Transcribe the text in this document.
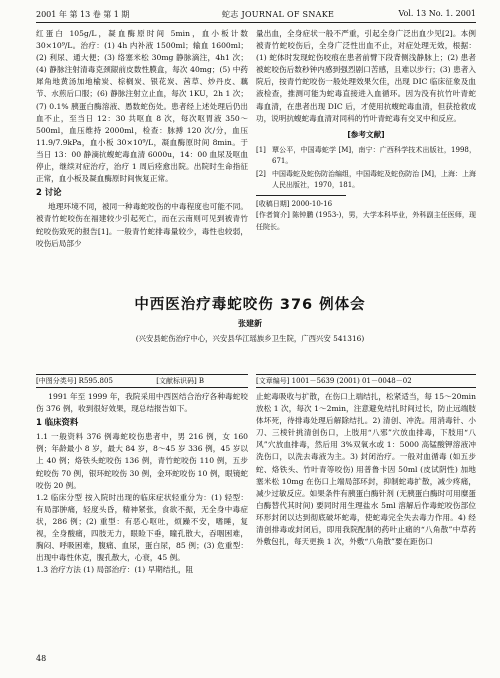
2001 年 第 13 卷 第 1 期	蛇志 JOURNAL OF SNAKE	Vol. 13 No. 1. 2001

红蛋白 105g/L，凝血酶原时间 5min，血小板计数 30×10⁹/L。治疗：(1) 4h 内补液 1500ml；输血 1600ml；(2) 利尿、通大便；(3) 络塞米松 30mg 静脉滴注，4h1 次；(4) 静脉注射清毒克颈龈前皮数性膜盒，每次 40mg；(5) 中药犀角地黄汤加地榆炭、棕榈炭、银花炭、茜草、炒丹皮、藕节、水煎后口服；(6) 静脉注射立止血，每次 1KU，2h 1 次；(7) 0.1% 胰蛋白酶溶液、愚数蛇伤处。患者经上述处理后仍出血不止，至当日 12：30 共呕血 8 次，每次呕胃液 350～500ml，血压维持 2000ml，检查：脉搏 120 次/分，血压 11.9/7.9kPa，血小板 30×10⁹/L，凝血酶原时间 8min。于当日 13：00 静滴抗蝮蛇毒血清 6000u，14：00 血尿及呕血停止，继续对症治疗，治疗 1 周后痊愈出院。出院时生命指征正常，血小板及凝血酶原时间恢复正常。

2 讨论

地理环境不同，被同一种毒蛇咬伤的中毒程度也可能不同。被青竹蛇咬伤在福建较少引起死亡，而在云南则可见到被青竹蛇咬伤致死的报告[1]。一般青竹蛇排毒量较少，毒性也较弱，咬伤后局部少

量出血，全身症状一般不严重，引起全身广泛出血少见[2]。本例被青竹蛇咬伤后，全身广泛性出血不止，对症处理无效，根据：(1) 蛇体时发现蛇伤咬痕在患者前臂下段背侧浅静脉上；(2) 患者被蛇咬伤后数秒钟内感到强烈剧口苦感，且难以步行；(3) 患者入院后，按青竹蛇咬伤一般处理效果欠佳，出现 DIC 临床征象及血液检查，推测可能为蛇毒直接进入血循环。因为没有抗竹叶青蛇毒血清，在患者出现 DIC 后，才使用抗蝮蛇毒血清，但获抢救成功，说明抗蝮蛇毒血清对同科的竹叶青蛇毒有交叉中和反应。

[参考文献]
[1] 覃公平，中国毒蛇学 [M]，南宁：广西科学技术出版社，1998，671。
[2] 中国毒蛇及蛇伤防治编组，中国毒蛇及蛇伤防治 [M]，上海：上海人民出版社，1970，181。
[收稿日期] 2000-10-16
[作者简介] 陈钟鹏 (1953-)，男，大学本科毕业，外科副主任医师，现任院长。
中西医治疗毒蛇咬伤 376 例体会
张建新
(兴安县蛇伤治疗中心，兴安县华江瑶族乡卫生院，广西兴安 541316)
[中图分类号] R595.805	[文献标识码] B	[文章编号] 1001－5639 (2001) 01－0048－02

1991 年至 1999 年，我院采用中西医结合治疗各种毒蛇咬伤 376 例，收到很好效果，现总结报告如下。

1 临床资料

1.1 一般资料 376 例毒蛇咬伤患者中，男 216 例，女 160 例；年龄最小 8 岁，最大 84 岁，8～45 岁 336 例，45 岁以上 40 例；烙铁头蛇咬伤 136 例，青竹蛇咬伤 110 例，五步蛇咬伤 70 例，银环蛇咬伤 30 例，金环蛇咬伤 10 例，眼镜蛇咬伤 20 例。

1.2 临床分型 按入院时出现的临床症状轻重分为：(1) 轻型：有局部肿痛，轻度头昏，精神紧张，食欲不振，无全身中毒症状，286 例；(2) 重型：有恶心呕吐，烦躁不安，嗜睡，复视，全身酸痛，四肢无力，眼睑下垂，瞳孔散大，吞咽困难，胸闷、呼吸困难，腹痛、血尿，蛋白尿，85 例；(3) 危重型：出现中毒性休克，腹孔散大，心衰，45 例。

1.3 治疗方法 (1) 局部治疗：(1) 早期结扎，阻

止蛇毒吸收与扩散，在伤口上端结扎，松紧适当，每 15～20min 放松 1 次，每次 1～2min，注意避免结扎时间过长，防止远端肢体坏死，待排毒处理后解除结扎。2) 清创、冲洗。用消毒针、小刀、三棱针挑清创伤口，上肢用“八邪”穴放血排毒，下肢用“八风”穴放血排毒，然后用 3%双氧水或 1：5000 高锰酸钾溶液冲洗伤口，以洗去毒液为主。3) 封闭治疗。一般对血循毒 (如五步蛇、烙铁头、竹叶青等咬伤) 用普鲁卡因 50ml (皮试阴性) 加地塞米松 10mg 在伤口上端局部环封，抑制蛇毒扩散，减少疼痛，减少过敏反应。如果条件有胰蛋白酶针剂 (无胰蛋白酶时可用糜蛋白酶替代其时间) 要同时用生理盐水 5ml 溶解后作毒蛇咬伤部位环形封闭以达到彻底破坏蛇毒，使蛇毒完全失去毒力作用。4) 经清创排毒或封闭后，即用我院配制的药叶止痛的“八角散”中草药外敷包扎，每天更换 1 次，外敷“八角散”要在距伤口

48
